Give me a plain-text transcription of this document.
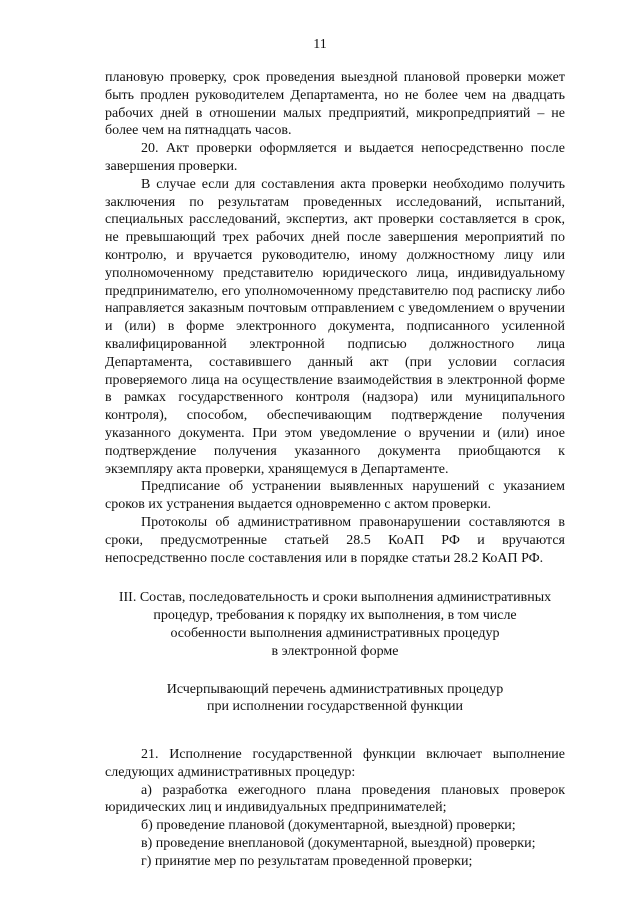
11

плановую проверку, срок проведения выездной плановой проверки может быть продлен руководителем Департамента, но не более чем на двадцать рабочих дней в отношении малых предприятий, микропредприятий – не более чем на пятнадцать часов.

20. Акт проверки оформляется и выдается непосредственно после завершения проверки.

В случае если для составления акта проверки необходимо получить заключения по результатам проведенных исследований, испытаний, специальных расследований, экспертиз, акт проверки составляется в срок, не превышающий трех рабочих дней после завершения мероприятий по контролю, и вручается руководителю, иному должностному лицу или уполномоченному представителю юридического лица, индивидуальному предпринимателю, его уполномоченному представителю под расписку либо направляется заказным почтовым отправлением с уведомлением о вручении и (или) в форме электронного документа, подписанного усиленной квалифицированной электронной подписью должностного лица Департамента, составившего данный акт (при условии согласия проверяемого лица на осуществление взаимодействия в электронной форме в рамках государственного контроля (надзора) или муниципального контроля), способом, обеспечивающим подтверждение получения указанного документа. При этом уведомление о вручении и (или) иное подтверждение получения указанного документа приобщаются к экземпляру акта проверки, хранящемуся в Департаменте.

Предписание об устранении выявленных нарушений с указанием сроков их устранения выдается одновременно с актом проверки.

Протоколы об административном правонарушении составляются в сроки, предусмотренные статьей 28.5 КоАП РФ и вручаются непосредственно после составления или в порядке статьи 28.2 КоАП РФ.

III. Состав, последовательность и сроки выполнения административных

процедур, требования к порядку их выполнения, в том числе

особенности выполнения административных процедур

в электронной форме

Исчерпывающий перечень административных процедур

при исполнении государственной функции

21. Исполнение государственной функции включает выполнение следующих административных процедур:

а) разработка ежегодного плана проведения плановых проверок юридических лиц и индивидуальных предпринимателей;

б) проведение плановой (документарной, выездной) проверки;

в) проведение внеплановой (документарной, выездной) проверки;

г) принятие мер по результатам проведенной проверки;
